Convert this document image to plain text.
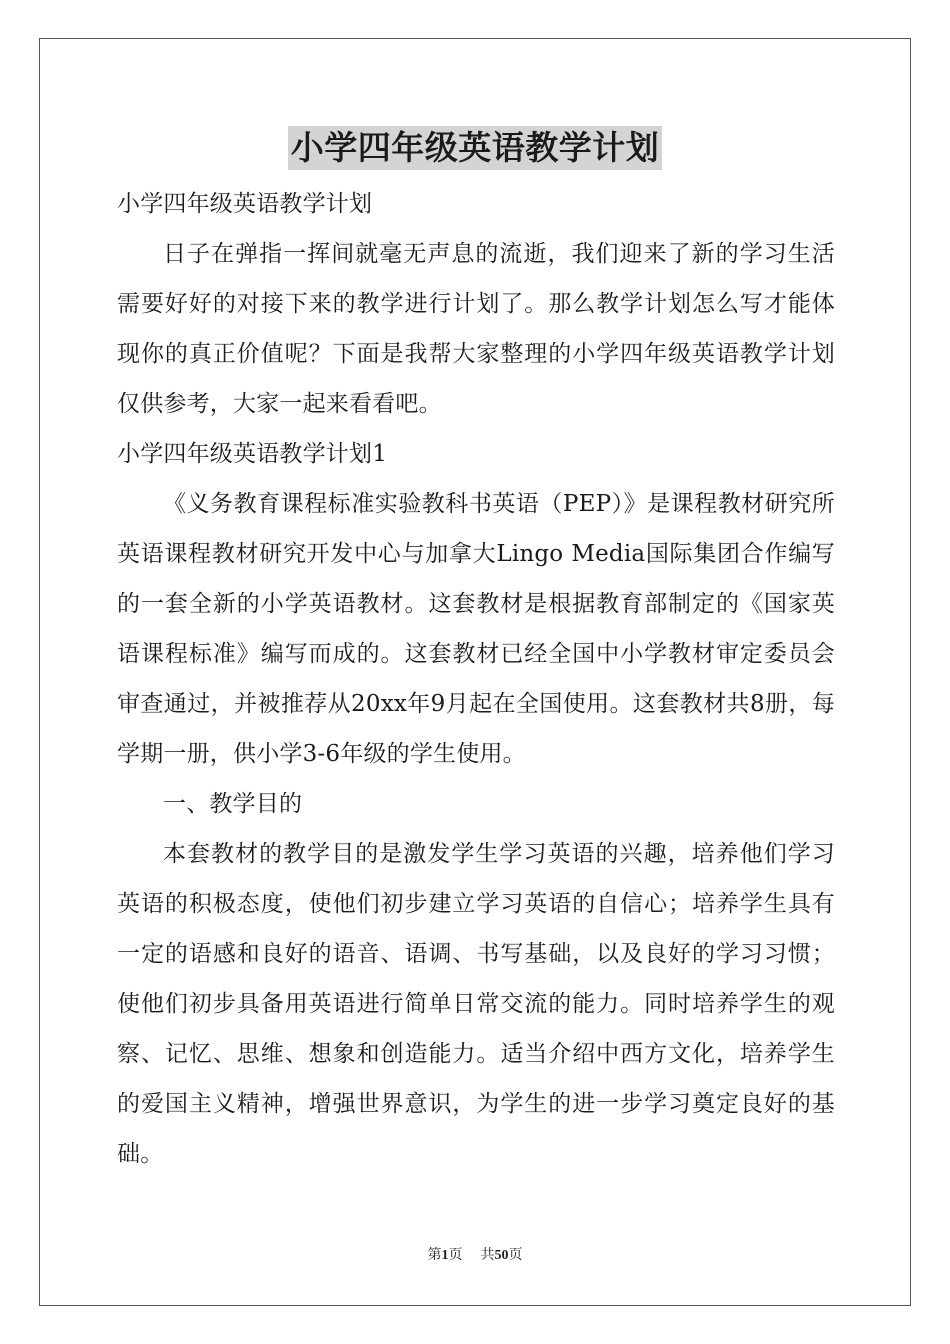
小学四年级英语教学计划

小学四年级英语教学计划

日子在弹指一挥间就毫无声息的流逝，我们迎来了新的学习生活需要好好的对接下来的教学进行计划了。那么教学计划怎么写才能体现你的真正价值呢？下面是我帮大家整理的小学四年级英语教学计划仅供参考，大家一起来看看吧。

小学四年级英语教学计划1

《义务教育课程标准实验教科书英语（PEP）》是课程教材研究所英语课程教材研究开发中心与加拿大Lingo Media国际集团合作编写的一套全新的小学英语教材。这套教材是根据教育部制定的《国家英语课程标准》编写而成的。这套教材已经全国中小学教材审定委员会审查通过，并被推荐从20xx年9月起在全国使用。这套教材共8册，每学期一册，供小学3-6年级的学生使用。

一、教学目的

本套教材的教学目的是激发学生学习英语的兴趣，培养他们学习英语的积极态度，使他们初步建立学习英语的自信心；培养学生具有一定的语感和良好的语音、语调、书写基础，以及良好的学习习惯；使他们初步具备用英语进行简单日常交流的能力。同时培养学生的观察、记忆、思维、想象和创造能力。适当介绍中西方文化，培养学生的爱国主义精神，增强世界意识，为学生的进一步学习奠定良好的基础。

第1页 共50页
